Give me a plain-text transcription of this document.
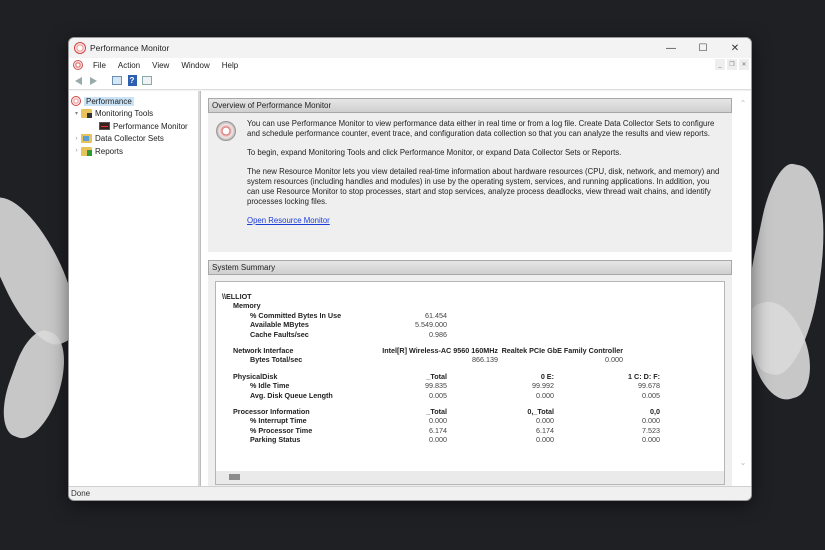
Performance Monitor	—	☐	✕
File	Action	View	Window	Help	_	❐	✕
?
Performance
▾	Monitoring Tools
Performance Monitor
›	Data Collector Sets
›	Reports
Overview of Performance Monitor

You can use Performance Monitor to view performance data either in real time or from a log file. Create Data Collector Sets to configure and schedule performance counter, event trace, and configuration data collection so that you can analyze the results and view reports.

To begin, expand Monitoring Tools and click Performance Monitor, or expand Data Collector Sets or Reports.

The new Resource Monitor lets you view detailed real-time information about hardware resources (CPU, disk, network, and memory) and system resources (including handles and modules) in use by the operating system, services, and running applications. In addition, you can use Resource Monitor to stop processes, start and stop services, analyze process deadlocks, view thread wait chains, and identify processes locking files.

Open Resource Monitor
System Summary
\\ELLIOT
Memory
% Committed Bytes In Use	61.454
Available MBytes	5.549.000
Cache Faults/sec	0.986
Network Interface	Intel[R] Wireless-AC 9560 160MHz Realtek PCIe GbE Family Controller
Bytes Total/sec	866.139	0.000
PhysicalDisk	_Total	0 E:	1 C: D: F:
% Idle Time	99.835	99.992	99.678
Avg. Disk Queue Length	0.005	0.000	0.005
Processor Information	_Total	0,_Total	0,0
% Interrupt Time	0.000	0.000	0.000
% Processor Time	6.174	6.174	7.523
Parking Status	0.000	0.000	0.000
⌃
⌄
Done
